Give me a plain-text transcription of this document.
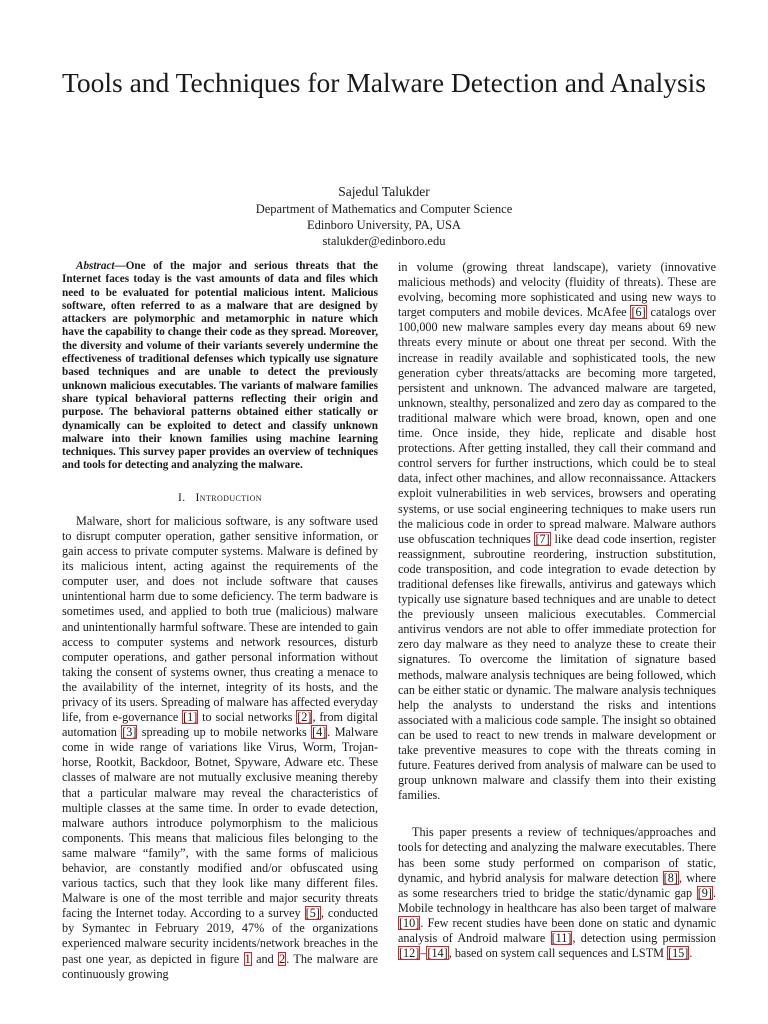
Tools and Techniques for Malware Detection and Analysis
Sajedul Talukder
Department of Mathematics and Computer Science
Edinboro University, PA, USA
stalukder@edinboro.edu

Abstract—One of the major and serious threats that the Internet faces today is the vast amounts of data and files which need to be evaluated for potential malicious intent. Malicious software, often referred to as a malware that are designed by attackers are polymorphic and metamorphic in nature which have the capability to change their code as they spread. Moreover, the diversity and volume of their variants severely undermine the effectiveness of traditional defenses which typically use signature based techniques and are unable to detect the previously unknown malicious executables. The variants of malware families share typical behavioral patterns reflecting their origin and purpose. The behavioral patterns obtained either statically or dynamically can be exploited to detect and classify unknown malware into their known families using machine learning techniques. This survey paper provides an overview of techniques and tools for detecting and analyzing the malware.

I. Introduction

Malware, short for malicious software, is any software used to disrupt computer operation, gather sensitive information, or gain access to private computer systems. Malware is defined by its malicious intent, acting against the requirements of the computer user, and does not include software that causes unintentional harm due to some deficiency. The term badware is sometimes used, and applied to both true (malicious) malware and unintentionally harmful software. These are intended to gain access to computer systems and network resources, disturb computer operations, and gather personal information without taking the consent of systems owner, thus creating a menace to the availability of the internet, integrity of its hosts, and the privacy of its users. Spreading of malware has affected everyday life, from e-governance [1] to social networks [2], from digital automation [3] spreading up to mobile networks [4]. Malware come in wide range of variations like Virus, Worm, Trojan-horse, Rootkit, Backdoor, Botnet, Spyware, Adware etc. These classes of malware are not mutually exclusive meaning thereby that a particular malware may reveal the characteristics of multiple classes at the same time. In order to evade detection, malware authors introduce polymorphism to the malicious components. This means that malicious files belonging to the same malware “family”, with the same forms of malicious behavior, are constantly modified and/or obfuscated using various tactics, such that they look like many different files. Malware is one of the most terrible and major security threats facing the Internet today. According to a survey [5], conducted by Symantec in February 2019, 47% of the organizations experienced malware security incidents/network breaches in the past one year, as depicted in figure 1 and 2. The malware are continuously growing

in volume (growing threat landscape), variety (innovative malicious methods) and velocity (fluidity of threats). These are evolving, becoming more sophisticated and using new ways to target computers and mobile devices. McAfee [6] catalogs over 100,000 new malware samples every day means about 69 new threats every minute or about one threat per second. With the increase in readily available and sophisticated tools, the new generation cyber threats/attacks are becoming more targeted, persistent and unknown. The advanced malware are targeted, unknown, stealthy, personalized and zero day as compared to the traditional malware which were broad, known, open and one time. Once inside, they hide, replicate and disable host protections. After getting installed, they call their command and control servers for further instructions, which could be to steal data, infect other machines, and allow reconnaissance. Attackers exploit vulnerabilities in web services, browsers and operating systems, or use social engineering techniques to make users run the malicious code in order to spread malware. Malware authors use obfuscation techniques [7] like dead code insertion, register reassignment, subroutine reordering, instruction substitution, code transposition, and code integration to evade detection by traditional defenses like firewalls, antivirus and gateways which typically use signature based techniques and are unable to detect the previously unseen malicious executables. Commercial antivirus vendors are not able to offer immediate protection for zero day malware as they need to analyze these to create their signatures. To overcome the limitation of signature based methods, malware analysis techniques are being followed, which can be either static or dynamic. The malware analysis techniques help the analysts to understand the risks and intentions associated with a malicious code sample. The insight so obtained can be used to react to new trends in malware development or take preventive measures to cope with the threats coming in future. Features derived from analysis of malware can be used to group unknown malware and classify them into their existing families.

This paper presents a review of techniques/approaches and tools for detecting and analyzing the malware executables. There has been some study performed on comparison of static, dynamic, and hybrid analysis for malware detection [8], where as some researchers tried to bridge the static/dynamic gap [9]. Mobile technology in healthcare has also been target of malware [10]. Few recent studies have been done on static and dynamic analysis of Android malware [11], detection using permission [12]–[14], based on system call sequences and LSTM [15].
